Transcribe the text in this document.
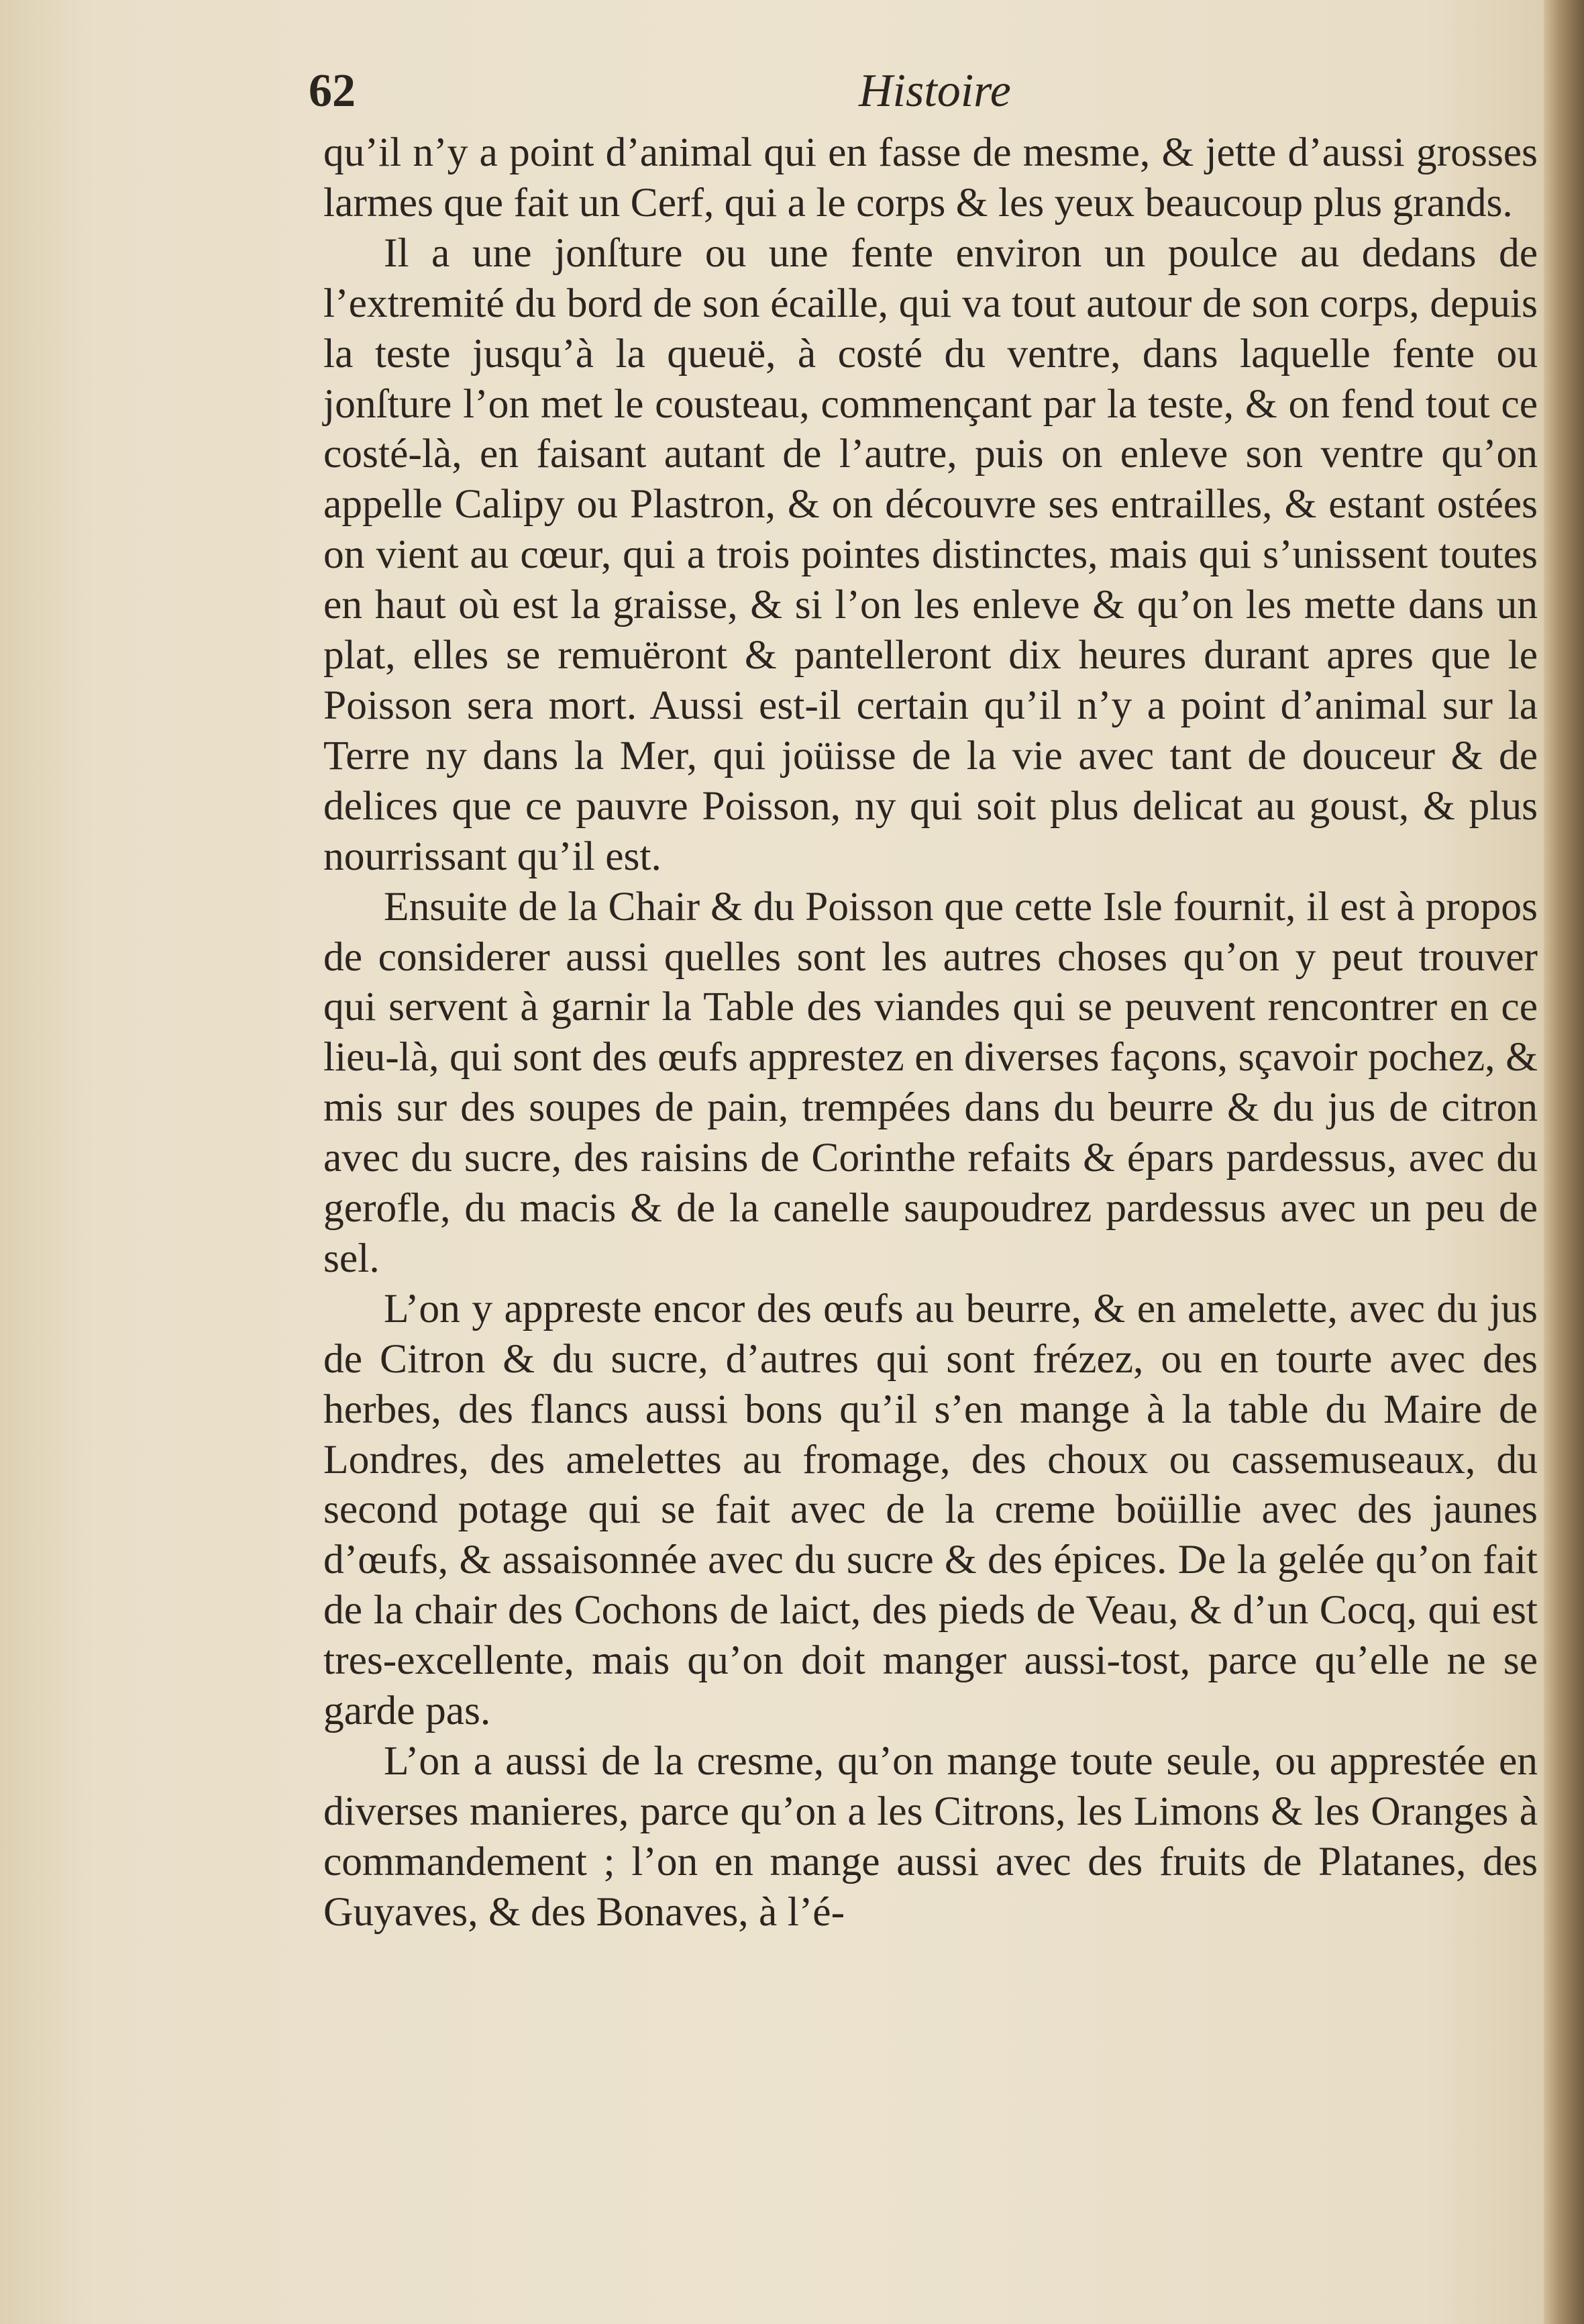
62	Histoire

qu’il n’y a point d’animal qui en fasse de mesme, & jette d’aussi grosses larmes que fait un Cerf, qui a le corps & les yeux beaucoup plus grands.

Il a une jonſture ou une fente environ un poulce au dedans de l’extremité du bord de son écaille, qui va tout autour de son corps, depuis la teste jusqu’à la queuë, à costé du ventre, dans laquelle fente ou jonſture l’on met le cousteau, commençant par la teste, & on fend tout ce costé-là, en faisant autant de l’autre, puis on enleve son ventre qu’on appelle Calipy ou Plastron, & on découvre ses entrailles, & estant ostées on vient au cœur, qui a trois pointes distinctes, mais qui s’unissent toutes en haut où est la graisse, & si l’on les enleve & qu’on les mette dans un plat, elles se remuëront & pantelleront dix heures durant apres que le Poisson sera mort. Aussi est-il certain qu’il n’y a point d’animal sur la Terre ny dans la Mer, qui joüisse de la vie avec tant de douceur & de delices que ce pauvre Poisson, ny qui soit plus delicat au goust, & plus nourrissant qu’il est.

Ensuite de la Chair & du Poisson que cette Isle fournit, il est à propos de considerer aussi quelles sont les autres choses qu’on y peut trouver qui servent à garnir la Table des viandes qui se peuvent rencontrer en ce lieu-là, qui sont des œufs apprestez en diverses façons, sçavoir pochez, & mis sur des soupes de pain, trempées dans du beurre & du jus de citron avec du sucre, des raisins de Corinthe refaits & épars pardessus, avec du gerofle, du macis & de la canelle saupoudrez pardessus avec un peu de sel.

L’on y appreste encor des œufs au beurre, & en amelette, avec du jus de Citron & du sucre, d’autres qui sont frézez, ou en tourte avec des herbes, des flancs aussi bons qu’il s’en mange à la table du Maire de Londres, des amelettes au fromage, des choux ou cassemuseaux, du second potage qui se fait avec de la creme boüillie avec des jaunes d’œufs, & assaisonnée avec du sucre & des épices. De la gelée qu’on fait de la chair des Cochons de laict, des pieds de Veau, & d’un Cocq, qui est tres-excellente, mais qu’on doit manger aussi-tost, parce qu’elle ne se garde pas.

L’on a aussi de la cresme, qu’on mange toute seule, ou apprestée en diverses manieres, parce qu’on a les Citrons, les Limons & les Oranges à commandement ; l’on en mange aussi avec des fruits de Platanes, des Guyaves, & des Bonaves, à l’é-
